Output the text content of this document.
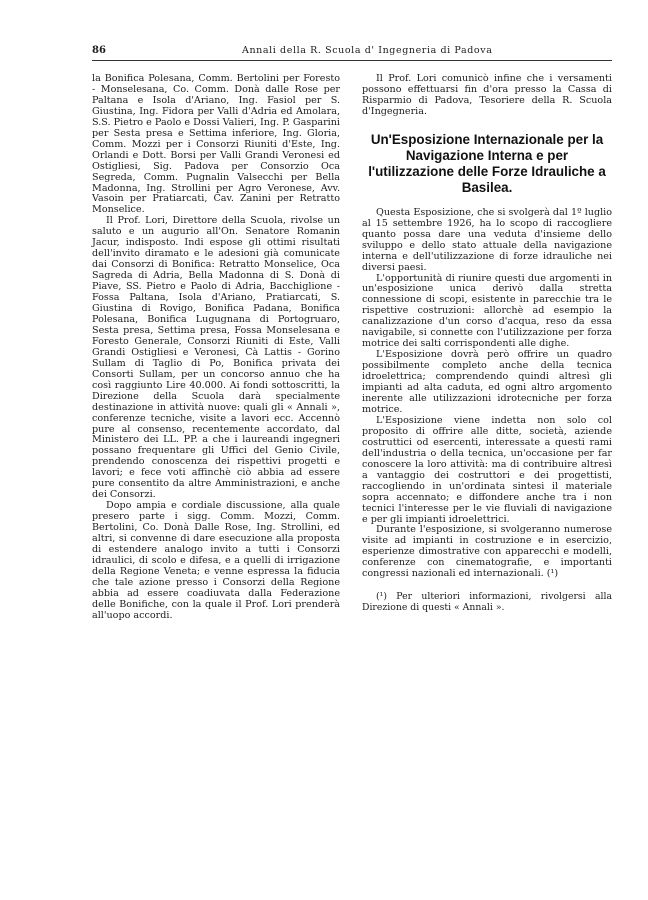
86	Annali della R. Scuola d' Ingegneria di Padova

la Bonifica Polesana, Comm. Bertolini per Foresto - Monselesana, Co. Comm. Donà dalle Rose per Paltana e Isola d'Ariano, Ing. Fasiol per S. Giustina, Ing. Fidora per Valli d'Adria ed Amolara, S.S. Pietro e Paolo e Dossi Valieri, Ing. P. Gasparini per Sesta presa e Settima inferiore, Ing. Gloria, Comm. Mozzi per i Consorzi Riuniti d'Este, Ing. Orlandi e Dott. Borsi per Valli Grandi Veronesi ed Ostigliesi, Sig. Padova per Consorzio Oca Segreda, Comm. Pugnalin Valsecchi per Bella Madonna, Ing. Strollini per Agro Veronese, Avv. Vasoin per Pratiarcati, Cav. Zanini per Retratto Monselice.

Il Prof. Lori, Direttore della Scuola, rivolse un saluto e un augurio all'On. Senatore Romanin Jacur, indisposto. Indi espose gli ottimi risultati dell'invito diramato e le adesioni già comunicate dai Consorzi di Bonifica: Retratto Monselice, Oca Sagreda di Adria, Bella Madonna di S. Donà di Piave, SS. Pietro e Paolo di Adria, Bacchiglione - Fossa Paltana, Isola d'Ariano, Pratiarcati, S. Giustina di Rovigo, Bonifica Padana, Bonifica Polesana, Bonifica Lugugnana di Portogruaro, Sesta presa, Settima presa, Fossa Monselesana e Foresto Generale, Consorzi Riuniti di Este, Valli Grandi Ostigliesi e Veronesi, Cà Lattis - Gorino Sullam di Taglio di Po, Bonifica privata dei Consorti Sullam, per un concorso annuo che ha così raggiunto Lire 40.000. Ai fondi sottoscritti, la Direzione della Scuola darà specialmente destinazione in attività nuove: quali gli « Annali », conferenze tecniche, visite a lavori ecc. Accennò pure al consenso, recentemente accordato, dal Ministero dei LL. PP. a che i laureandi ingegneri possano frequentare gli Uffici del Genio Civile, prendendo conoscenza dei rispettivi progetti e lavori; e fece voti affinchè ciò abbia ad essere pure consentito da altre Amministrazioni, e anche dei Consorzi.

Dopo ampia e cordiale discussione, alla quale presero parte i sigg. Comm. Mozzi, Comm. Bertolini, Co. Donà Dalle Rose, Ing. Strollini, ed altri, si convenne di dare esecuzione alla proposta di estendere analogo invito a tutti i Consorzi idraulici, di scolo e difesa, e a quelli di irrigazione della Regione Veneta; e venne espressa la fiducia che tale azione presso i Consorzi della Regione abbia ad essere coadiuvata dalla Federazione delle Bonifiche, con la quale il Prof. Lori prenderà all'uopo accordi.

Il Prof. Lori comunicò infine che i versamenti possono effettuarsi fin d'ora presso la Cassa di Risparmio di Padova, Tesoriere della R. Scuola d'Ingegneria.

Un'Esposizione Internazionale per la Navigazione Interna e per l'utilizzazione delle Forze Idrauliche a Basilea.

Questa Esposizione, che si svolgerà dal 1º luglio al 15 settembre 1926, ha lo scopo di raccogliere quanto possa dare una veduta d'insieme dello sviluppo e dello stato attuale della navigazione interna e dell'utilizzazione di forze idrauliche nei diversi paesi.

L'opportunità di riunire questi due argomenti in un'esposizione unica derivò dalla stretta connessione di scopi, esistente in parecchie tra le rispettive costruzioni: allorchè ad esempio la canalizzazione d'un corso d'acqua, reso da essa navigabile, si connette con l'utilizzazione per forza motrice dei salti corrispondenti alle dighe.

L'Esposizione dovrà però offrire un quadro possibilmente completo anche della tecnica idroelettrica; comprendendo quindi altresì gli impianti ad alta caduta, ed ogni altro argomento inerente alle utilizzazioni idrotecniche per forza motrice.

L'Esposizione viene indetta non solo col proposito di offrire alle ditte, società, aziende costruttici od esercenti, interessate a questi rami dell'industria o della tecnica, un'occasione per far conoscere la loro attività: ma di contribuire altresì a vantaggio dei costruttori e dei progettisti, raccogliendo in un'ordinata sintesi il materiale sopra accennato; e diffondere anche tra i non tecnici l'interesse per le vie fluviali di navigazione e per gli impianti idroelettrici.

Durante l'esposizione, si svolgeranno numerose visite ad impianti in costruzione e in esercizio, esperienze dimostrative con apparecchi e modelli, conferenze con cinematografie, e importanti congressi nazionali ed internazionali. (¹)

(¹) Per ulteriori informazioni, rivolgersi alla Direzione di questi « Annali ».
